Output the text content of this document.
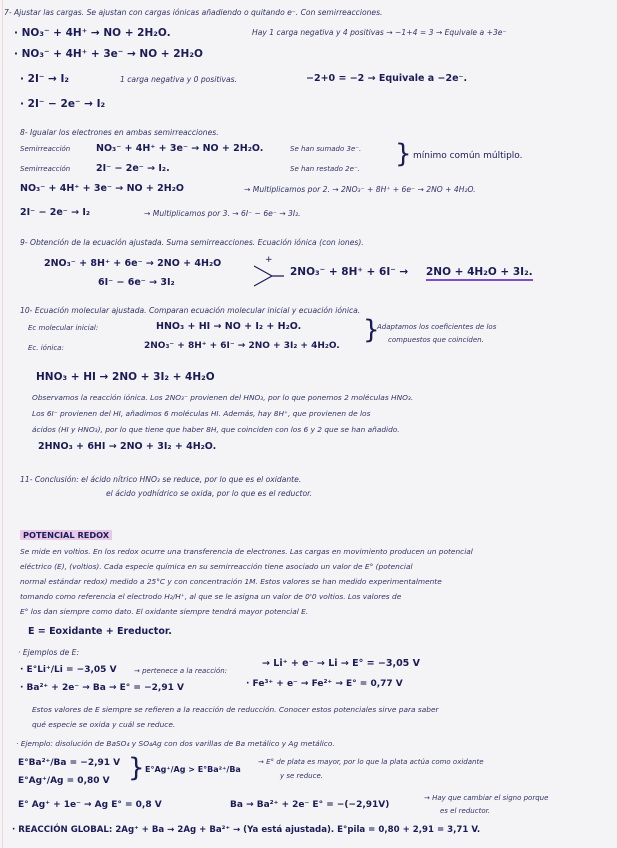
7- Ajustar las cargas. Se ajustan con cargas iónicas añadiendo o quitando e⁻. Con semirreacciones.
· NO₃⁻ + 4H⁺ → NO + 2H₂O.	Hay 1 carga negativa y 4 positivas → −1+4 = 3 → Equivale a +3e⁻
· NO₃⁻ + 4H⁺ + 3e⁻ → NO + 2H₂O
· 2I⁻ → I₂	1 carga negativa y 0 positivas.	−2+0 = −2 → Equivale a −2e⁻.
· 2I⁻ − 2e⁻ → I₂
8- Igualar los electrones en ambas semirreacciones.
Semirreacción	NO₃⁻ + 4H⁺ + 3e⁻ → NO + 2H₂O.	Se han sumado 3e⁻.
Semirreacción	2I⁻ − 2e⁻ → I₂.	Se han restado 2e⁻. } mínimo común múltiplo.
NO₃⁻ + 4H⁺ + 3e⁻ → NO + 2H₂O	→ Multiplicamos por 2. → 2NO₃⁻ + 8H⁺ + 6e⁻ → 2NO + 4H₂O.
2I⁻ − 2e⁻ → I₂	→ Multiplicamos por 3. → 6I⁻ − 6e⁻ → 3I₂.
9- Obtención de la ecuación ajustada. Suma semirreacciones. Ecuación iónica (con iones).
2NO₃⁻ + 8H⁺ + 6e⁻ → 2NO + 4H₂O
6I⁻ − 6e⁻ → 3I₂
+
2NO₃⁻ + 8H⁺ + 6I⁻ → 2NO + 4H₂O + 3I₂.
10- Ecuación molecular ajustada. Comparan ecuación molecular inicial y ecuación iónica.
Ec molecular inicial:	HNO₃ + HI → NO + I₂ + H₂O.
Ec. iónica:	2NO₃⁻ + 8H⁺ + 6I⁻ → 2NO + 3I₂ + 4H₂O.
}
Adaptamos los coeficientes de los
compuestos que coinciden.
HNO₃ + HI → 2NO + 3I₂ + 4H₂O
Observamos la reacción iónica. Los 2NO₃⁻ provienen del HNO₃, por lo que ponemos 2 moléculas HNO₃.
Los 6I⁻ provienen del HI, añadimos 6 moléculas HI. Además, hay 8H⁺, que provienen de los
ácidos (HI y HNO₃), por lo que tiene que haber 8H, que coinciden con los 6 y 2 que se han añadido.
2HNO₃ + 6HI → 2NO + 3I₂ + 4H₂O.
11- Conclusión: el ácido nítrico HNO₃ se reduce, por lo que es el oxidante.
el ácido yodhídrico se oxida, por lo que es el reductor.
POTENCIAL REDOX
Se mide en voltios. En los redox ocurre una transferencia de electrones. Las cargas en movimiento producen un potencial
eléctrico (E), (voltios). Cada especie química en su semirreacción tiene asociado un valor de E° (potencial
normal estándar redox) medido a 25°C y con concentración 1M. Estos valores se han medido experimentalmente
tomando como referencia el electrodo H₂/H⁺, al que se le asigna un valor de 0'0 voltios. Los valores de
E° los dan siempre como dato. El oxidante siempre tendrá mayor potencial E.
E = Eoxidante + Ereductor.
· Ejemplos de E:
· E°Li⁺/Li = −3,05 V → pertenece a la reacción:
→ Li⁺ + e⁻ → Li → E° = −3,05 V
· Ba²⁺ + 2e⁻ → Ba → E° = −2,91 V	· Fe³⁺ + e⁻ → Fe²⁺ → E° = 0,77 V
Estos valores de E siempre se refieren a la reacción de reducción. Conocer estos potenciales sirve para saber
qué especie se oxida y cuál se reduce.
· Ejemplo: disolución de BaSO₄ y SO₄Ag con dos varillas de Ba metálico y Ag metálico.
E°Ba²⁺/Ba = −2,91 V
E°Ag⁺/Ag = 0,80 V } E°Ag⁺/Ag > E°Ba²⁺/Ba
→ E° de plata es mayor, por lo que la plata actúa como oxidante
y se reduce.
E° Ag⁺ + 1e⁻ → Ag E° = 0,8 V	Ba → Ba²⁺ + 2e⁻ E° = −(−2,91V)
→ Hay que cambiar el signo porque
es el reductor.
· REACCIÓN GLOBAL: 2Ag⁺ + Ba → 2Ag + Ba²⁺ → (Ya está ajustada). E°pila = 0,80 + 2,91 = 3,71 V.
